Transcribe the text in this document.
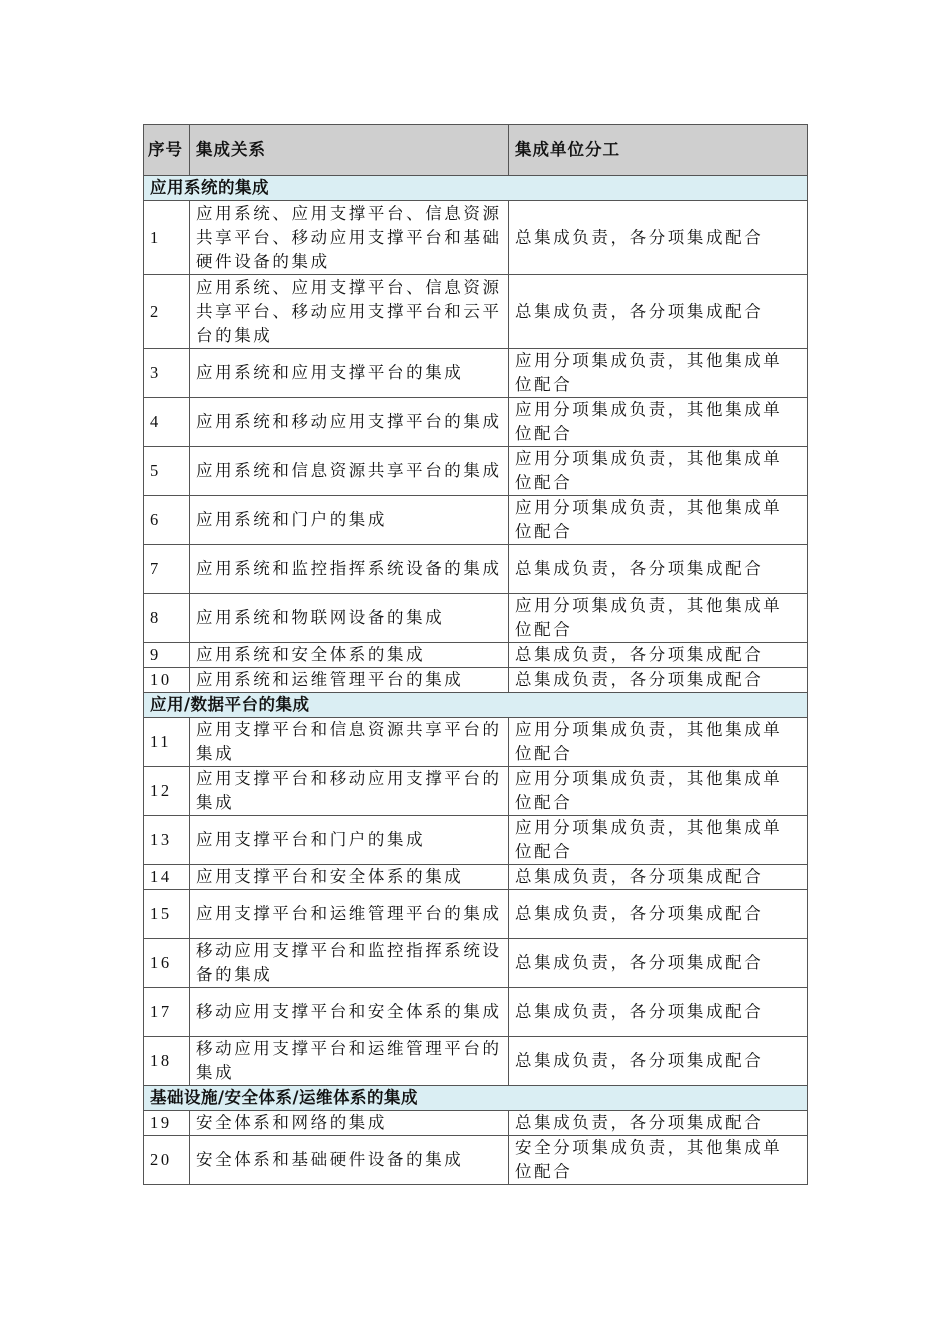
序号	集成关系	集成单位分工
应用系统的集成		
1	应用系统、应用支撑平台、信息资源共享平台、移动应用支撑平台和基础硬件设备的集成	总集成负责，各分项集成配合
2	应用系统、应用支撑平台、信息资源共享平台、移动应用支撑平台和云平台的集成	总集成负责，各分项集成配合
3	应用系统和应用支撑平台的集成	应用分项集成负责，其他集成单位配合
4	应用系统和移动应用支撑平台的集成	应用分项集成负责，其他集成单位配合
5	应用系统和信息资源共享平台的集成	应用分项集成负责，其他集成单位配合
6	应用系统和门户的集成	应用分项集成负责，其他集成单位配合
7	应用系统和监控指挥系统设备的集成	总集成负责，各分项集成配合
8	应用系统和物联网设备的集成	应用分项集成负责，其他集成单位配合
9	应用系统和安全体系的集成	总集成负责，各分项集成配合
10	应用系统和运维管理平台的集成	总集成负责，各分项集成配合
应用/数据平台的集成		
11	应用支撑平台和信息资源共享平台的集成	应用分项集成负责，其他集成单位配合
12	应用支撑平台和移动应用支撑平台的集成	应用分项集成负责，其他集成单位配合
13	应用支撑平台和门户的集成	应用分项集成负责，其他集成单位配合
14	应用支撑平台和安全体系的集成	总集成负责，各分项集成配合
15	应用支撑平台和运维管理平台的集成	总集成负责，各分项集成配合
16	移动应用支撑平台和监控指挥系统设备的集成	总集成负责，各分项集成配合
17	移动应用支撑平台和安全体系的集成	总集成负责，各分项集成配合
18	移动应用支撑平台和运维管理平台的集成	总集成负责，各分项集成配合
基础设施/安全体系/运维体系的集成		
19	安全体系和网络的集成	总集成负责，各分项集成配合
20	安全体系和基础硬件设备的集成	安全分项集成负责，其他集成单位配合
